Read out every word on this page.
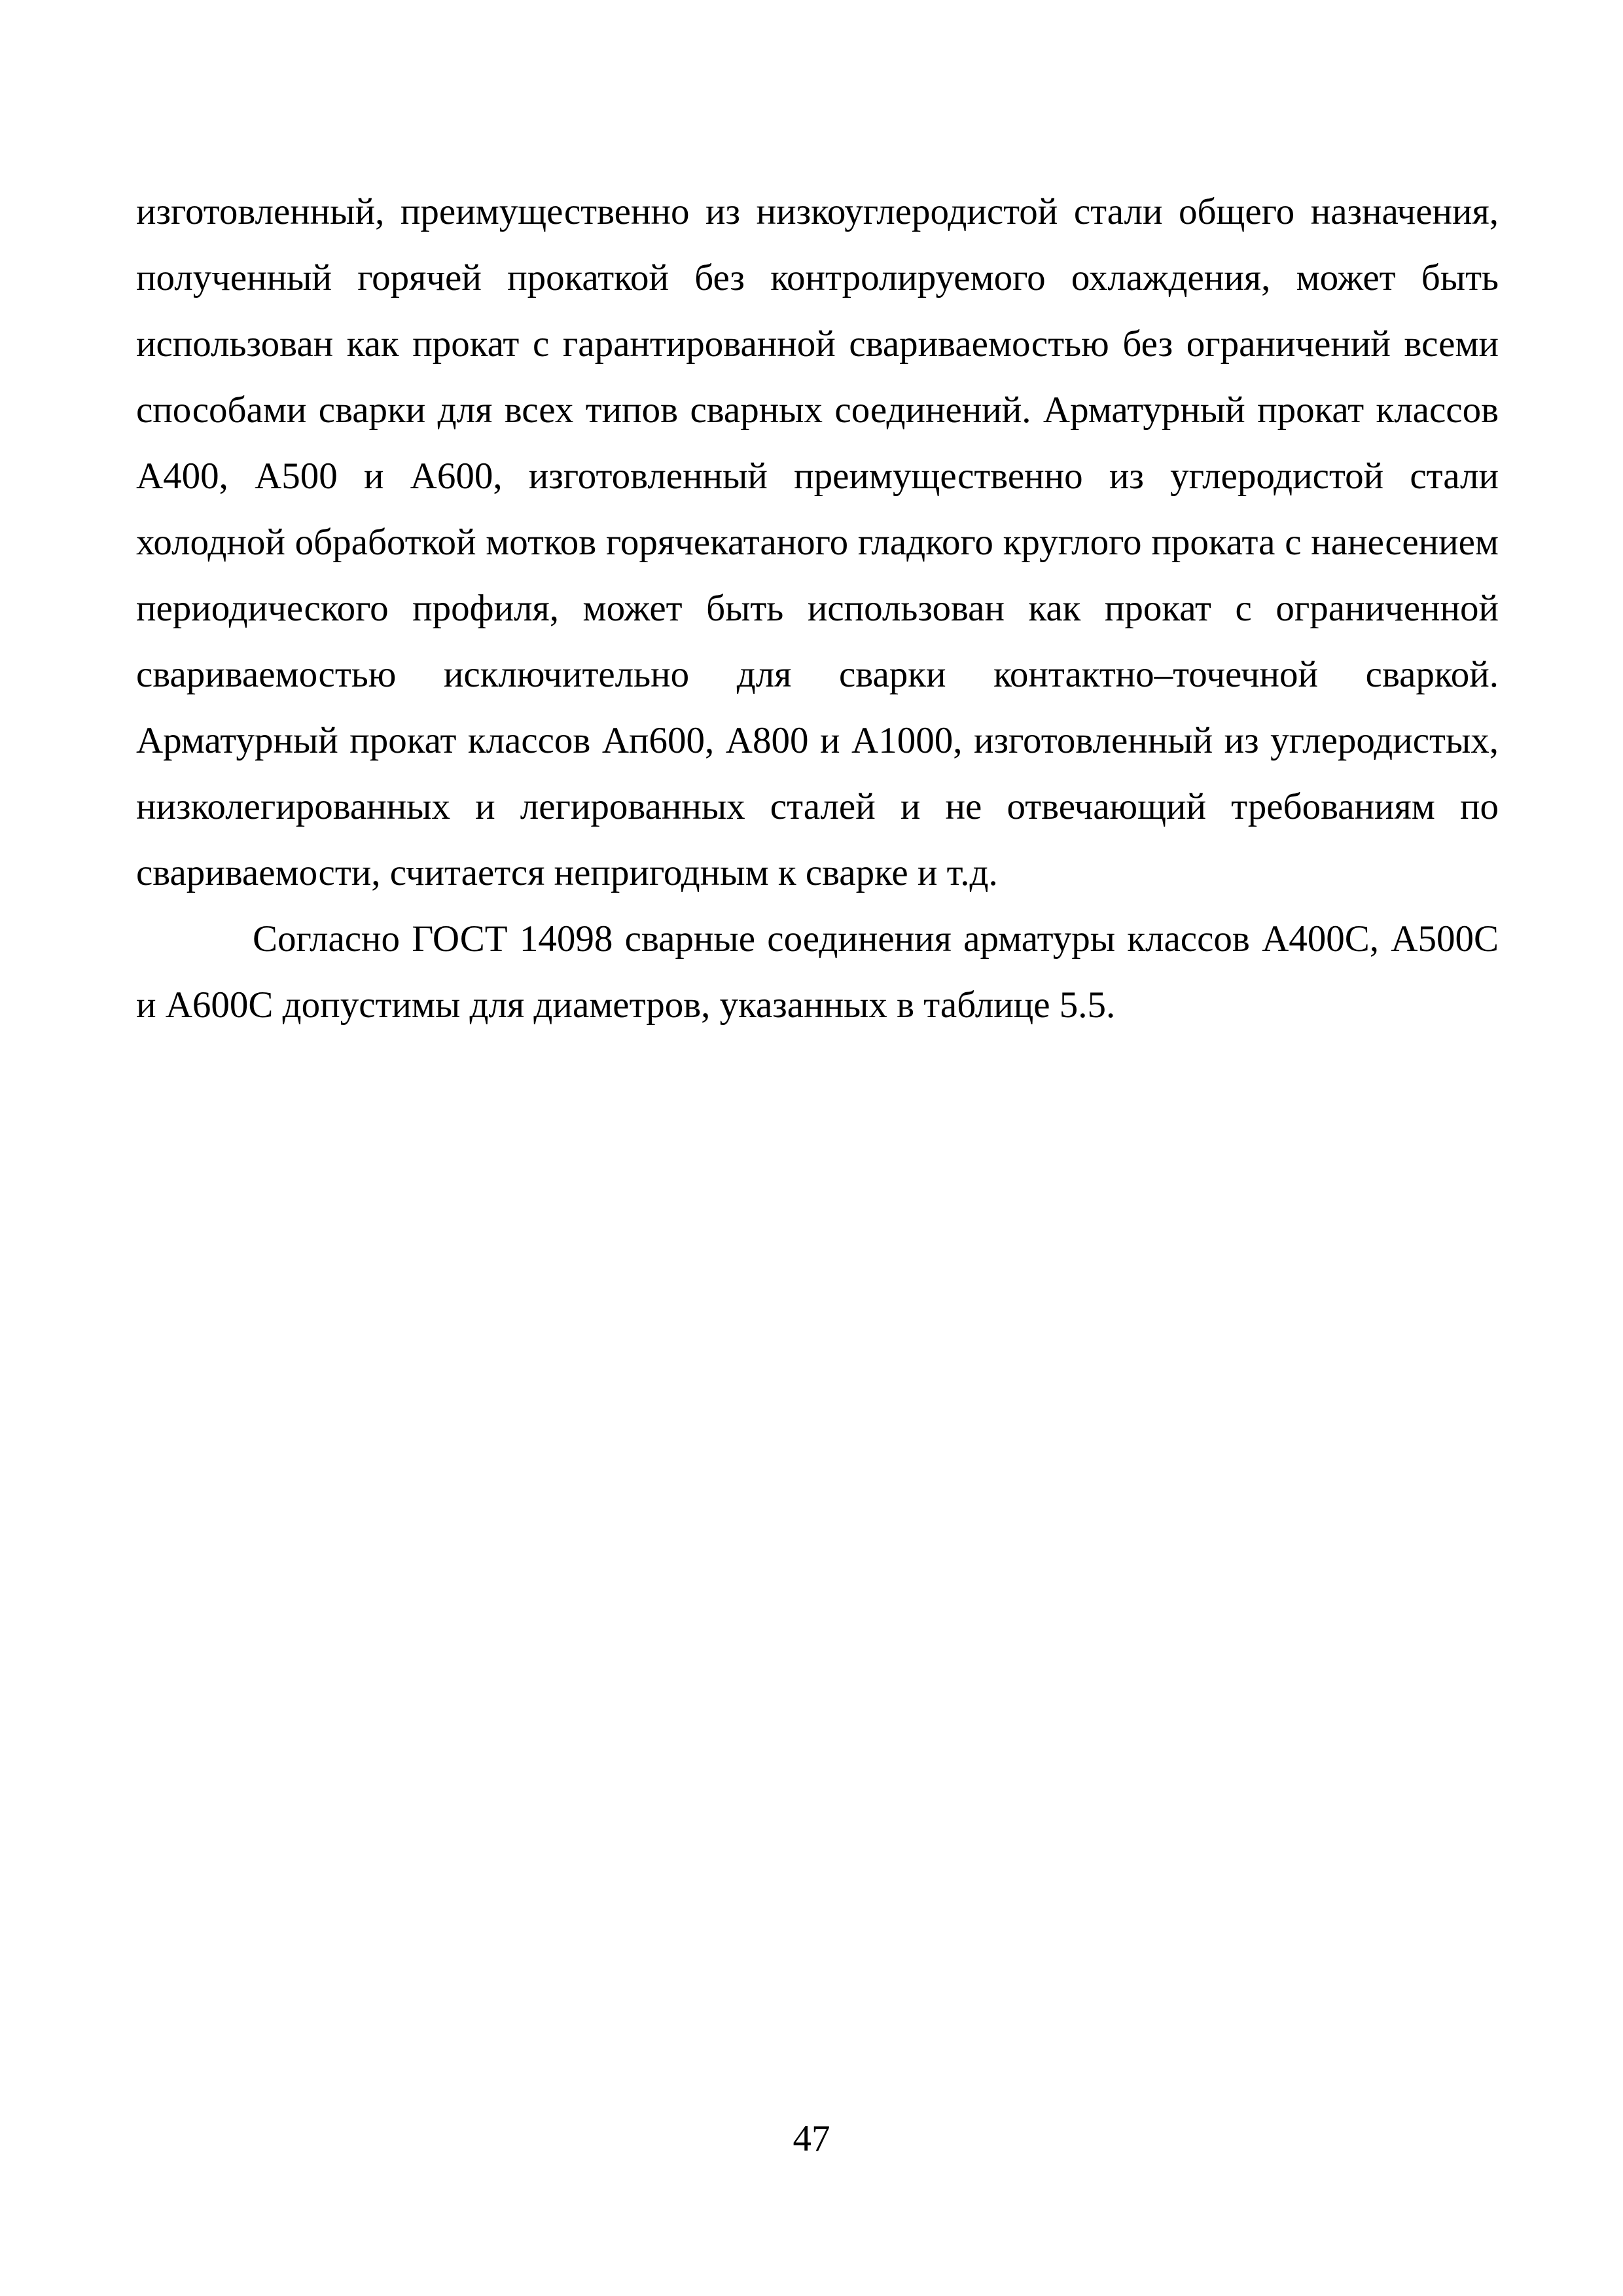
изготовленный, преимущественно из низкоуглеродистой стали общего назначения, полученный горячей прокаткой без контролируемого охлаждения, может быть использован как прокат с гарантированной свариваемостью без ограничений всеми способами сварки для всех типов сварных соединений. Арматурный прокат классов А400, А500 и А600, изготовленный преимущественно из углеродистой стали холодной обработкой мотков горячекатаного гладкого круглого проката с нанесением периодического профиля, может быть использован как прокат с ограниченной свариваемостью исключительно для сварки контактно–точечной сваркой. Арматурный прокат классов Ап600, А800 и А1000, изготовленный из углеродистых, низколегированных и легированных сталей и не отвечающий требованиям по свариваемости, считается непригодным к сварке и т.д.

Согласно ГОСТ 14098 сварные соединения арматуры классов А400С, А500С и А600С допустимы для диаметров, указанных в таблице 5.5.

47
